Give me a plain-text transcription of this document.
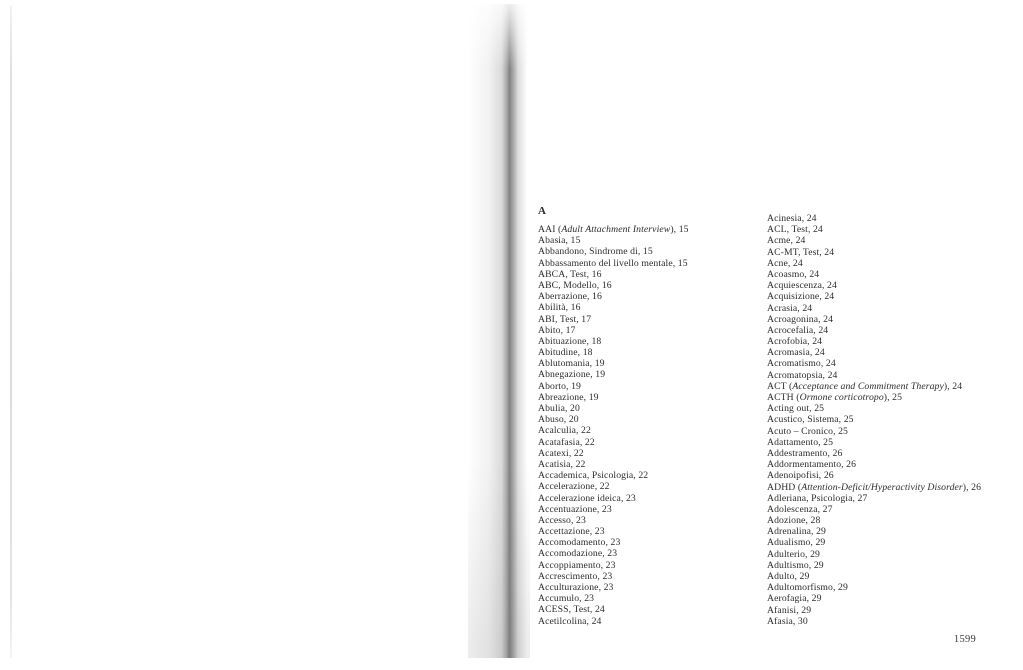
A
AAI (Adult Attachment Interview), 15
Abasia, 15
Abbandono, Sindrome di, 15
Abbassamento del livello mentale, 15
ABCA, Test, 16
ABC, Modello, 16
Aberrazione, 16
Abilità, 16
ABI, Test, 17
Abito, 17
Abituazione, 18
Abitudine, 18
Ablutomania, 19
Abnegazione, 19
Aborto, 19
Abreazione, 19
Abulia, 20
Abuso, 20
Acalculia, 22
Acatafasia, 22
Acatexi, 22
Acatisia, 22
Accademica, Psicologia, 22
Accelerazione, 22
Accelerazione ideica, 23
Accentuazione, 23
Accesso, 23
Accettazione, 23
Accomodamento, 23
Accomodazione, 23
Accoppiamento, 23
Accrescimento, 23
Acculturazione, 23
Accumulo, 23
ACESS, Test, 24
Acetilcolina, 24
Acinesia, 24
ACL, Test, 24
Acme, 24
AC-MT, Test, 24
Acne, 24
Acoasmo, 24
Acquiescenza, 24
Acquisizione, 24
Acrasia, 24
Acroagonina, 24
Acrocefalia, 24
Acrofobia, 24
Acromasia, 24
Acromatismo, 24
Acromatopsia, 24
ACT (Acceptance and Commitment Therapy), 24
ACTH (Ormone corticotropo), 25
Acting out, 25
Acustico, Sistema, 25
Acuto – Cronico, 25
Adattamento, 25
Addestramento, 26
Addormentamento, 26
Adenoipofisi, 26
ADHD (Attention-Deficit/Hyperactivity Disorder), 26
Adleriana, Psicologia, 27
Adolescenza, 27
Adozione, 28
Adrenalina, 29
Adualismo, 29
Adulterio, 29
Adultismo, 29
Adulto, 29
Adultomorfismo, 29
Aerofagia, 29
Afanisi, 29
Afasia, 30
1599
